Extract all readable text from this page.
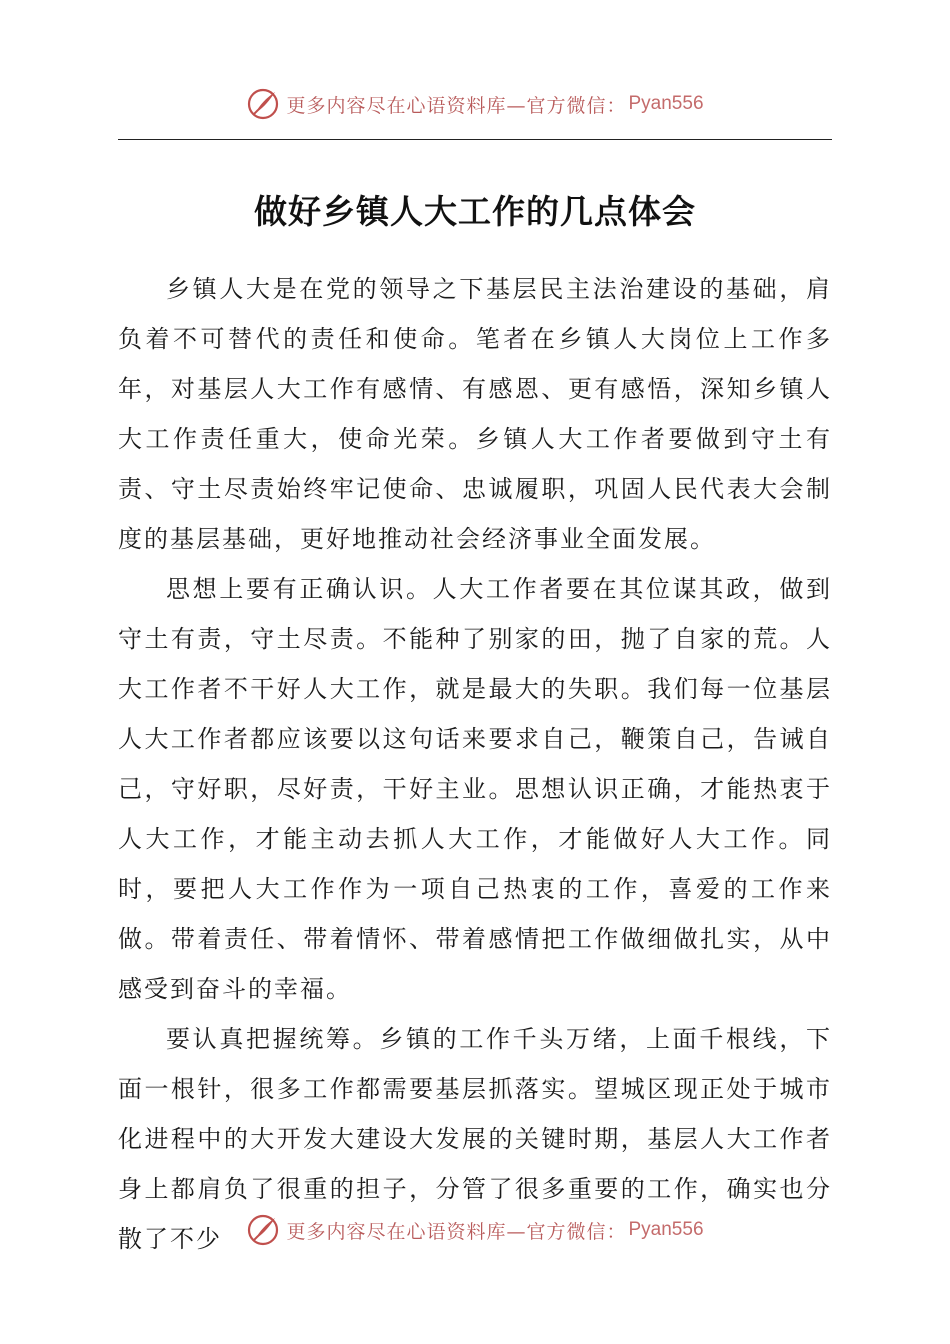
更多内容尽在心语资料库—官方微信： Pyan556
做好乡镇人大工作的几点体会

乡镇人大是在党的领导之下基层民主法治建设的基础，肩负着不可替代的责任和使命。笔者在乡镇人大岗位上工作多年，对基层人大工作有感情、有感恩、更有感悟，深知乡镇人大工作责任重大，使命光荣。乡镇人大工作者要做到守土有责、守土尽责始终牢记使命、忠诚履职，巩固人民代表大会制度的基层基础，更好地推动社会经济事业全面发展。

思想上要有正确认识。人大工作者要在其位谋其政，做到守土有责，守土尽责。不能种了别家的田，抛了自家的荒。人大工作者不干好人大工作，就是最大的失职。我们每一位基层人大工作者都应该要以这句话来要求自己，鞭策自己，告诫自己，守好职，尽好责，干好主业。思想认识正确，才能热衷于人大工作，才能主动去抓人大工作，才能做好人大工作。同时，要把人大工作作为一项自己热衷的工作，喜爱的工作来做。带着责任、带着情怀、带着感情把工作做细做扎实，从中感受到奋斗的幸福。

要认真把握统筹。乡镇的工作千头万绪，上面千根线，下面一根针，很多工作都需要基层抓落实。望城区现正处于城市化进程中的大开发大建设大发展的关键时期，基层人大工作者身上都肩负了很重的担子，分管了很多重要的工作，确实也分散了不少	更多内容尽在心语资料库—官方微信： Pyan556
